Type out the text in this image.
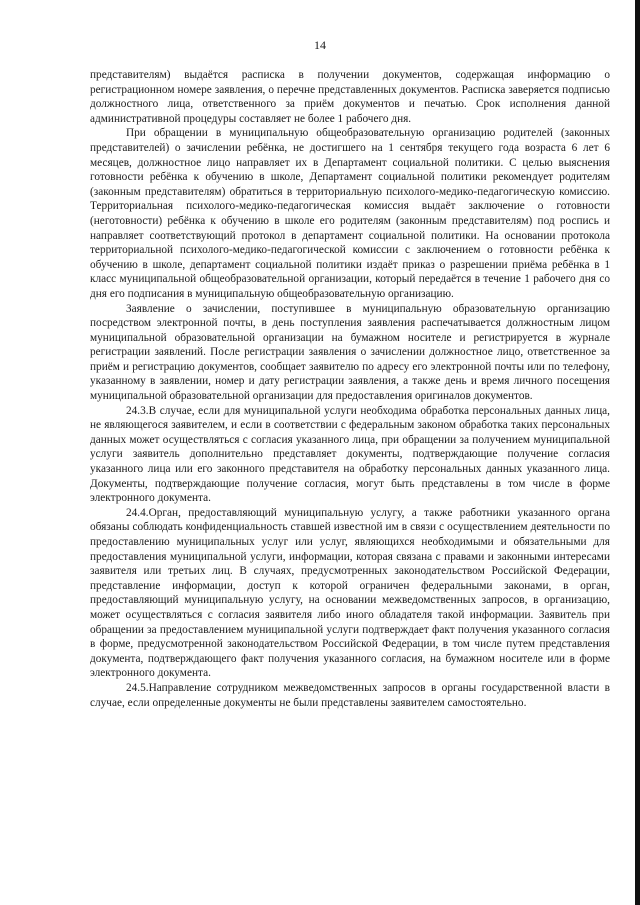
14

представителям) выдаётся расписка в получении документов, содержащая информацию о регистрационном номере заявления, о перечне представленных документов. Расписка заверяется подписью должностного лица, ответственного за приём документов и печатью. Срок исполнения данной административной процедуры составляет не более 1 рабочего дня.

При обращении в муниципальную общеобразовательную организацию родителей (законных представителей) о зачислении ребёнка, не достигшего на 1 сентября текущего года возраста 6 лет 6 месяцев, должностное лицо направляет их в Департамент социальной политики. С целью выяснения готовности ребёнка к обучению в школе, Департамент социальной политики рекомендует родителям (законным представителям) обратиться в территориальную психолого-медико-педагогическую комиссию. Территориальная психолого-медико-педагогическая комиссия выдаёт заключение о готовности (неготовности) ребёнка к обучению в школе его родителям (законным представителям) под роспись и направляет соответствующий протокол в департамент социальной политики. На основании протокола территориальной психолого-медико-педагогической комиссии с заключением о готовности ребёнка к обучению в школе, департамент социальной политики издаёт приказ о разрешении приёма ребёнка в 1 класс муниципальной общеобразовательной организации, который передаётся в течение 1 рабочего дня со дня его подписания в муниципальную общеобразовательную организацию.

Заявление о зачислении, поступившее в муниципальную образовательную организацию посредством электронной почты, в день поступления заявления распечатывается должностным лицом муниципальной образовательной организации на бумажном носителе и регистрируется в журнале регистрации заявлений. После регистрации заявления о зачислении должностное лицо, ответственное за приём и регистрацию документов, сообщает заявителю по адресу его электронной почты или по телефону, указанному в заявлении, номер и дату регистрации заявления, а также день и время личного посещения муниципальной образовательной организации для предоставления оригиналов документов.

24.3.В случае, если для муниципальной услуги необходима обработка персональных данных лица, не являющегося заявителем, и если в соответствии с федеральным законом обработка таких персональных данных может осуществляться с согласия указанного лица, при обращении за получением муниципальной услуги заявитель дополнительно представляет документы, подтверждающие получение согласия указанного лица или его законного представителя на обработку персональных данных указанного лица. Документы, подтверждающие получение согласия, могут быть представлены в том числе в форме электронного документа.

24.4.Орган, предоставляющий муниципальную услугу, а также работники указанного органа обязаны соблюдать конфиденциальность ставшей известной им в связи с осуществлением деятельности по предоставлению муниципальных услуг или услуг, являющихся необходимыми и обязательными для предоставления муниципальной услуги, информации, которая связана с правами и законными интересами заявителя или третьих лиц. В случаях, предусмотренных законодательством Российской Федерации, представление информации, доступ к которой ограничен федеральными законами, в орган, предоставляющий муниципальную услугу, на основании межведомственных запросов, в организацию, может осуществляться с согласия заявителя либо иного обладателя такой информации. Заявитель при обращении за предоставлением муниципальной услуги подтверждает факт получения указанного согласия в форме, предусмотренной законодательством Российской Федерации, в том числе путем представления документа, подтверждающего факт получения указанного согласия, на бумажном носителе или в форме электронного документа.

24.5.Направление сотрудником межведомственных запросов в органы государственной власти в случае, если определенные документы не были представлены заявителем самостоятельно.
